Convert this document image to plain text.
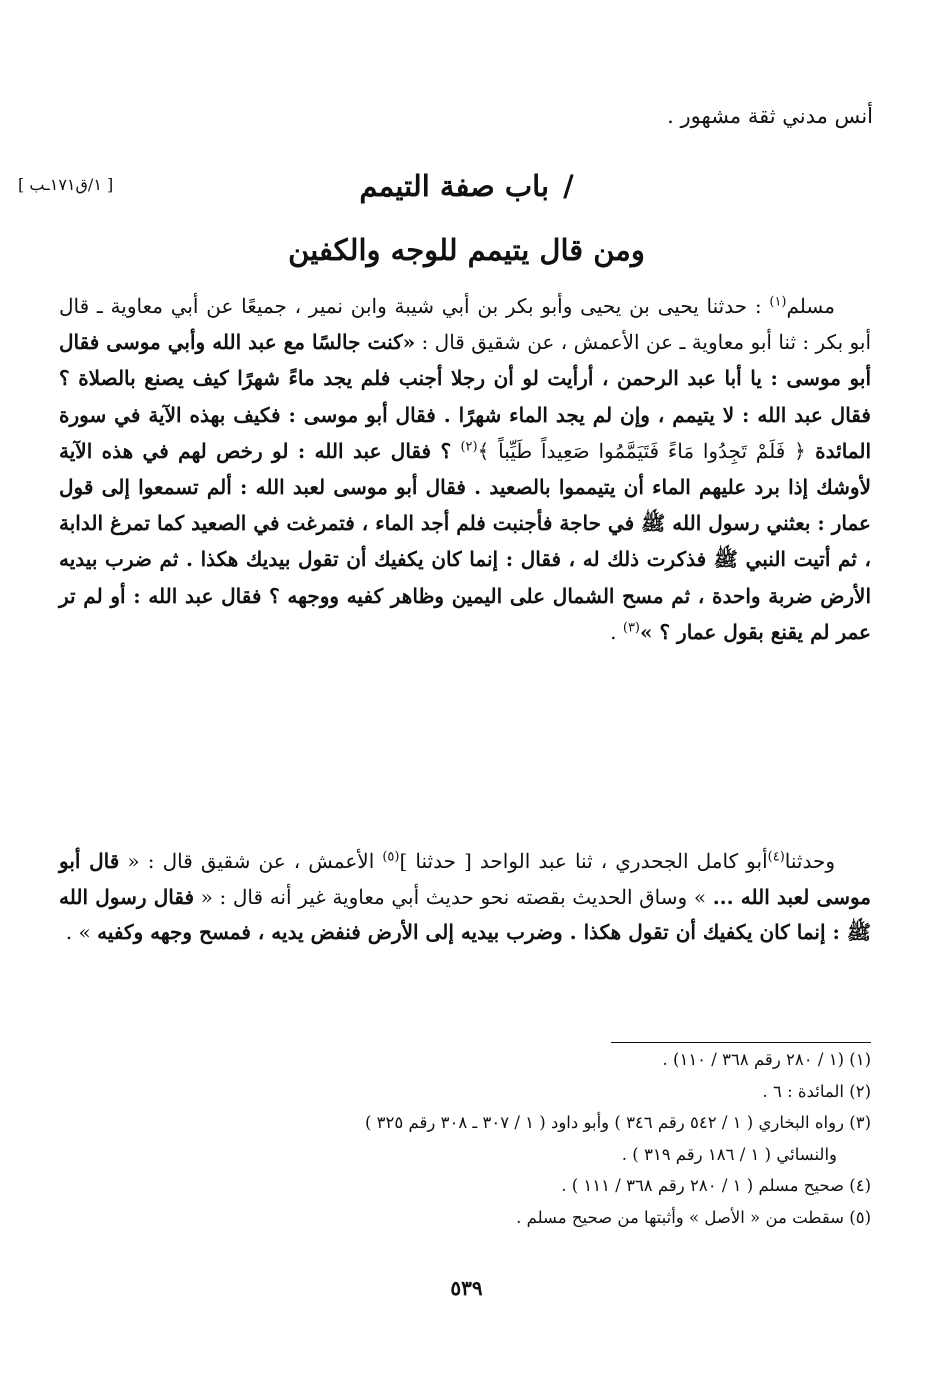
أنس مدني ثقة مشهور .
[ ١/ق١٧١ـب ]	/باب صفة التيمم
ومن قال يتيمم للوجه والكفين
مسلم$^{(١)}$ : حدثنا يحيى بن يحيى وأبو بكر بن أبي شيبة وابن نمير ، جميعًا عن أبي معاوية ـ قال أبو بكر : ثنا أبو معاوية ـ عن الأعمش ، عن شقيق قال : «كنت جالسًا مع عبد الله وأبي موسى فقال أبو موسى : يا أبا عبد الرحمن ، أرأيت لو أن رجلا أجنب فلم يجد ماءً شهرًا كيف يصنع بالصلاة ؟ فقال عبد الله : لا يتيمم ، وإن لم يجد الماء شهرًا . فقال أبو موسى : فكيف بهذه الآية في سورة المائدة ﴿ فَلَمْ تَجِدُوا مَاءً فَتَيَمَّمُوا صَعِيداً طَيِّباً ﴾$^{(٢)}$ ؟ فقال عبد الله : لو رخص لهم في هذه الآية لأوشك إذا برد عليهم الماء أن يتيمموا بالصعيد . فقال أبو موسى لعبد الله : ألم تسمعوا إلى قول عمار : بعثني رسول الله ﷺ في حاجة فأجنبت فلم أجد الماء ، فتمرغت في الصعيد كما تمرغ الدابة ، ثم أتيت النبي ﷺ فذكرت ذلك له ، فقال : إنما كان يكفيك أن تقول بيديك هكذا . ثم ضرب بيديه الأرض ضربة واحدة ، ثم مسح الشمال على اليمين وظاهر كفيه ووجهه ؟ فقال عبد الله : أو لم تر عمر لم يقنع بقول عمار ؟ »$^{(٣)}$ .
وحدثنا$^{(٤)}$أبو كامل الجحدري ، ثنا عبد الواحد [ حدثنا ]$^{(٥)}$ الأعمش ، عن شقيق قال : « قال أبو موسى لعبد الله ... » وساق الحديث بقصته نحو حديث أبي معاوية غير أنه قال : « فقال رسول الله ﷺ : إنما كان يكفيك أن تقول هكذا . وضرب بيديه إلى الأرض فنفض يديه ، فمسح وجهه وكفيه » .

(١) (١ / ٢٨٠ رقم ٣٦٨ / ١١٠) .

(٢) المائدة : ٦ .

(٣) رواه البخاري ( ١ / ٥٤٢ رقم ٣٤٦ ) وأبو داود ( ١ / ٣٠٧ ـ ٣٠٨ رقم ٣٢٥ )
والنسائي ( ١ / ١٨٦ رقم ٣١٩ ) .

(٤) صحيح مسلم ( ١ / ٢٨٠ رقم ٣٦٨ / ١١١ ) .

(٥) سقطت من « الأصل » وأثبتها من صحيح مسلم .

٥٣٩
